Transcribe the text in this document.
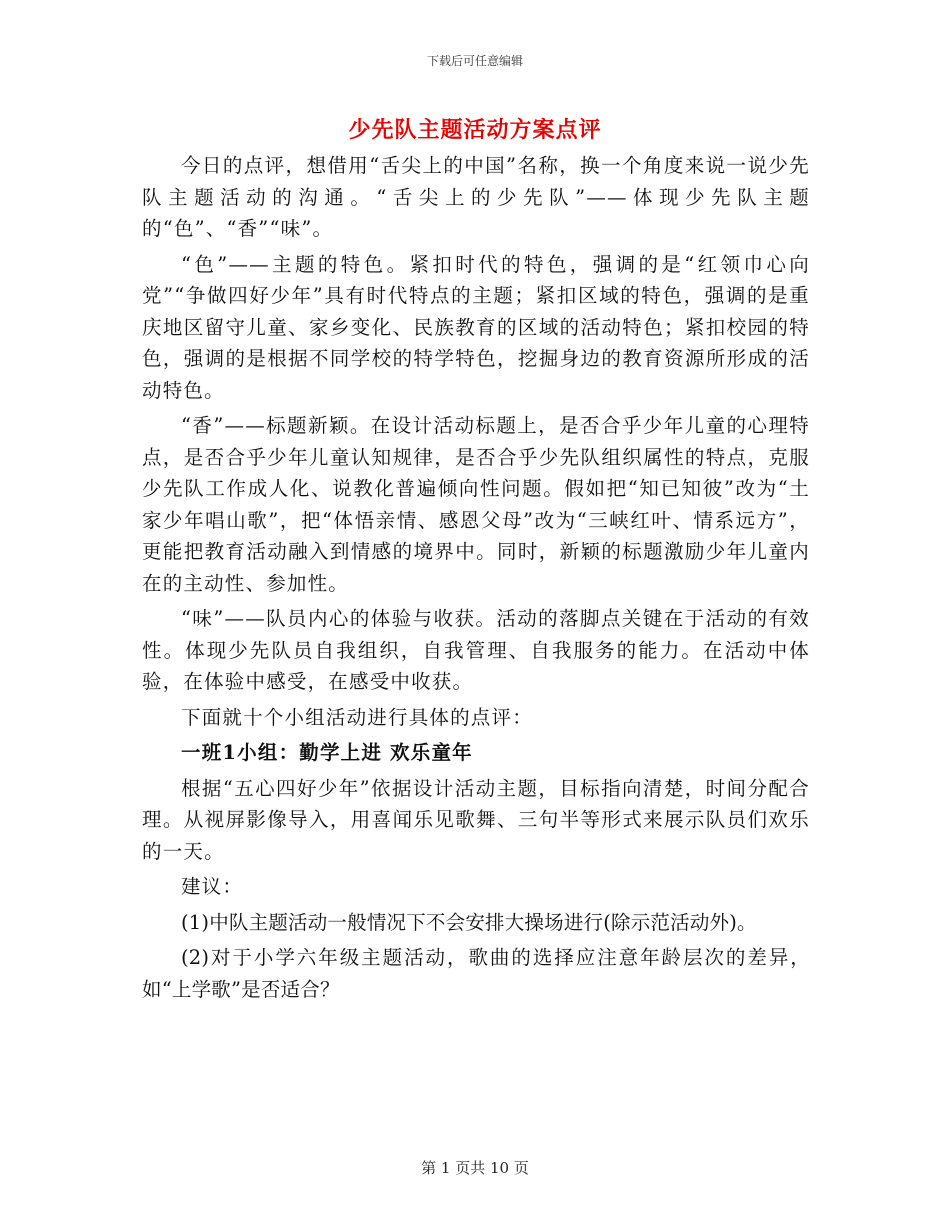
下载后可任意编辑
少先队主题活动方案点评

今日的点评，想借用“舌尖上的中国”名称，换一个角度来说一说少先队主题活动的沟通。“舌尖上的少先队”——体现少先队主题的“色”、“香”“味”。

“色”——主题的特色。紧扣时代的特色，强调的是“红领巾心向党”“争做四好少年”具有时代特点的主题；紧扣区域的特色，强调的是重庆地区留守儿童、家乡变化、民族教育的区域的活动特色；紧扣校园的特色，强调的是根据不同学校的特学特色，挖掘身边的教育资源所形成的活动特色。

“香”——标题新颖。在设计活动标题上，是否合乎少年儿童的心理特点，是否合乎少年儿童认知规律，是否合乎少先队组织属性的特点，克服少先队工作成人化、说教化普遍倾向性问题。假如把“知已知彼”改为“土家少年唱山歌”，把“体悟亲情、感恩父母”改为“三峡红叶、情系远方”，更能把教育活动融入到情感的境界中。同时，新颖的标题激励少年儿童内在的主动性、参加性。

“味”——队员内心的体验与收获。活动的落脚点关键在于活动的有效性。体现少先队员自我组织，自我管理、自我服务的能力。在活动中体验，在体验中感受，在感受中收获。

下面就十个小组活动进行具体的点评：

一班1小组：勤学上进 欢乐童年

根据“五心四好少年”依据设计活动主题，目标指向清楚，时间分配合理。从视屏影像导入，用喜闻乐见歌舞、三句半等形式来展示队员们欢乐的一天。

建议：

(1)中队主题活动一般情况下不会安排大操场进行(除示范活动外)。

(2)对于小学六年级主题活动，歌曲的选择应注意年龄层次的差异，如“上学歌”是否适合？

第 1 页共 10 页
